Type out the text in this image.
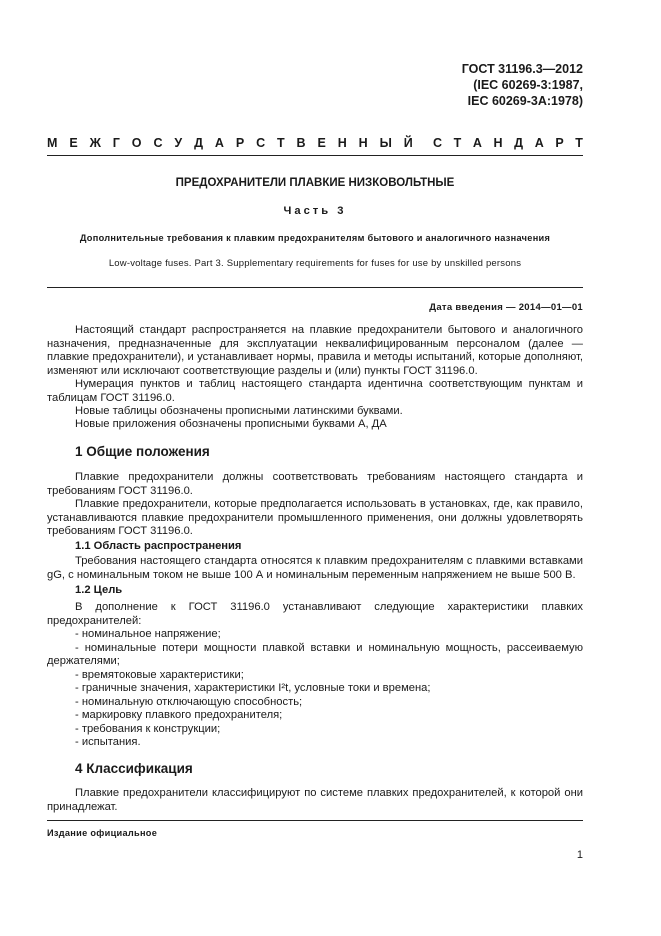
ГОСТ 31196.3—2012
(IEC 60269-3:1987,
IEC 60269-3A:1978)
М Е Ж Г О С У Д А Р С Т В Е Н Н Ы Й С Т А Н Д А Р Т
ПРЕДОХРАНИТЕЛИ ПЛАВКИЕ НИЗКОВОЛЬТНЫЕ
Часть 3
Дополнительные требования к плавким предохранителям бытового и аналогичного назначения
Low-voltage fuses. Part 3. Supplementary requirements for fuses for use by unskilled persons
Дата введения — 2014—01—01
Настоящий стандарт распространяется на плавкие предохранители бытового и аналогичного назначения, предназначенные для эксплуатации неквалифицированным персоналом (далее — плавкие предохранители), и устанавливает нормы, правила и методы испытаний, которые дополняют, изменяют или исключают соответствующие разделы и (или) пункты ГОСТ 31196.0.
Нумерация пунктов и таблиц настоящего стандарта идентична соответствующим пунктам и таблицам ГОСТ 31196.0.
Новые таблицы обозначены прописными латинскими буквами.
Новые приложения обозначены прописными буквами А, ДА
1 Общие положения
Плавкие предохранители должны соответствовать требованиям настоящего стандарта и требованиям ГОСТ 31196.0.
Плавкие предохранители, которые предполагается использовать в установках, где, как правило, устанавливаются плавкие предохранители промышленного применения, они должны удовлетворять требованиям ГОСТ 31196.0.
1.1 Область распространения
Требования настоящего стандарта относятся к плавким предохранителям с плавкими вставками gG, с номинальным током не выше 100 А и номинальным переменным напряжением не выше 500 В.
1.2 Цель
В дополнение к ГОСТ 31196.0 устанавливают следующие характеристики плавких предохранителей:
- номинальное напряжение;
- номинальные потери мощности плавкой вставки и номинальную мощность, рассеиваемую держателями;
- времятоковые характеристики;
- граничные значения, характеристики I²t, условные токи и времена;
- номинальную отключающую способность;
- маркировку плавкого предохранителя;
- требования к конструкции;
- испытания.
4 Классификация
Плавкие предохранители классифицируют по системе плавких предохранителей, к которой они принадлежат.
Издание официальное
1
